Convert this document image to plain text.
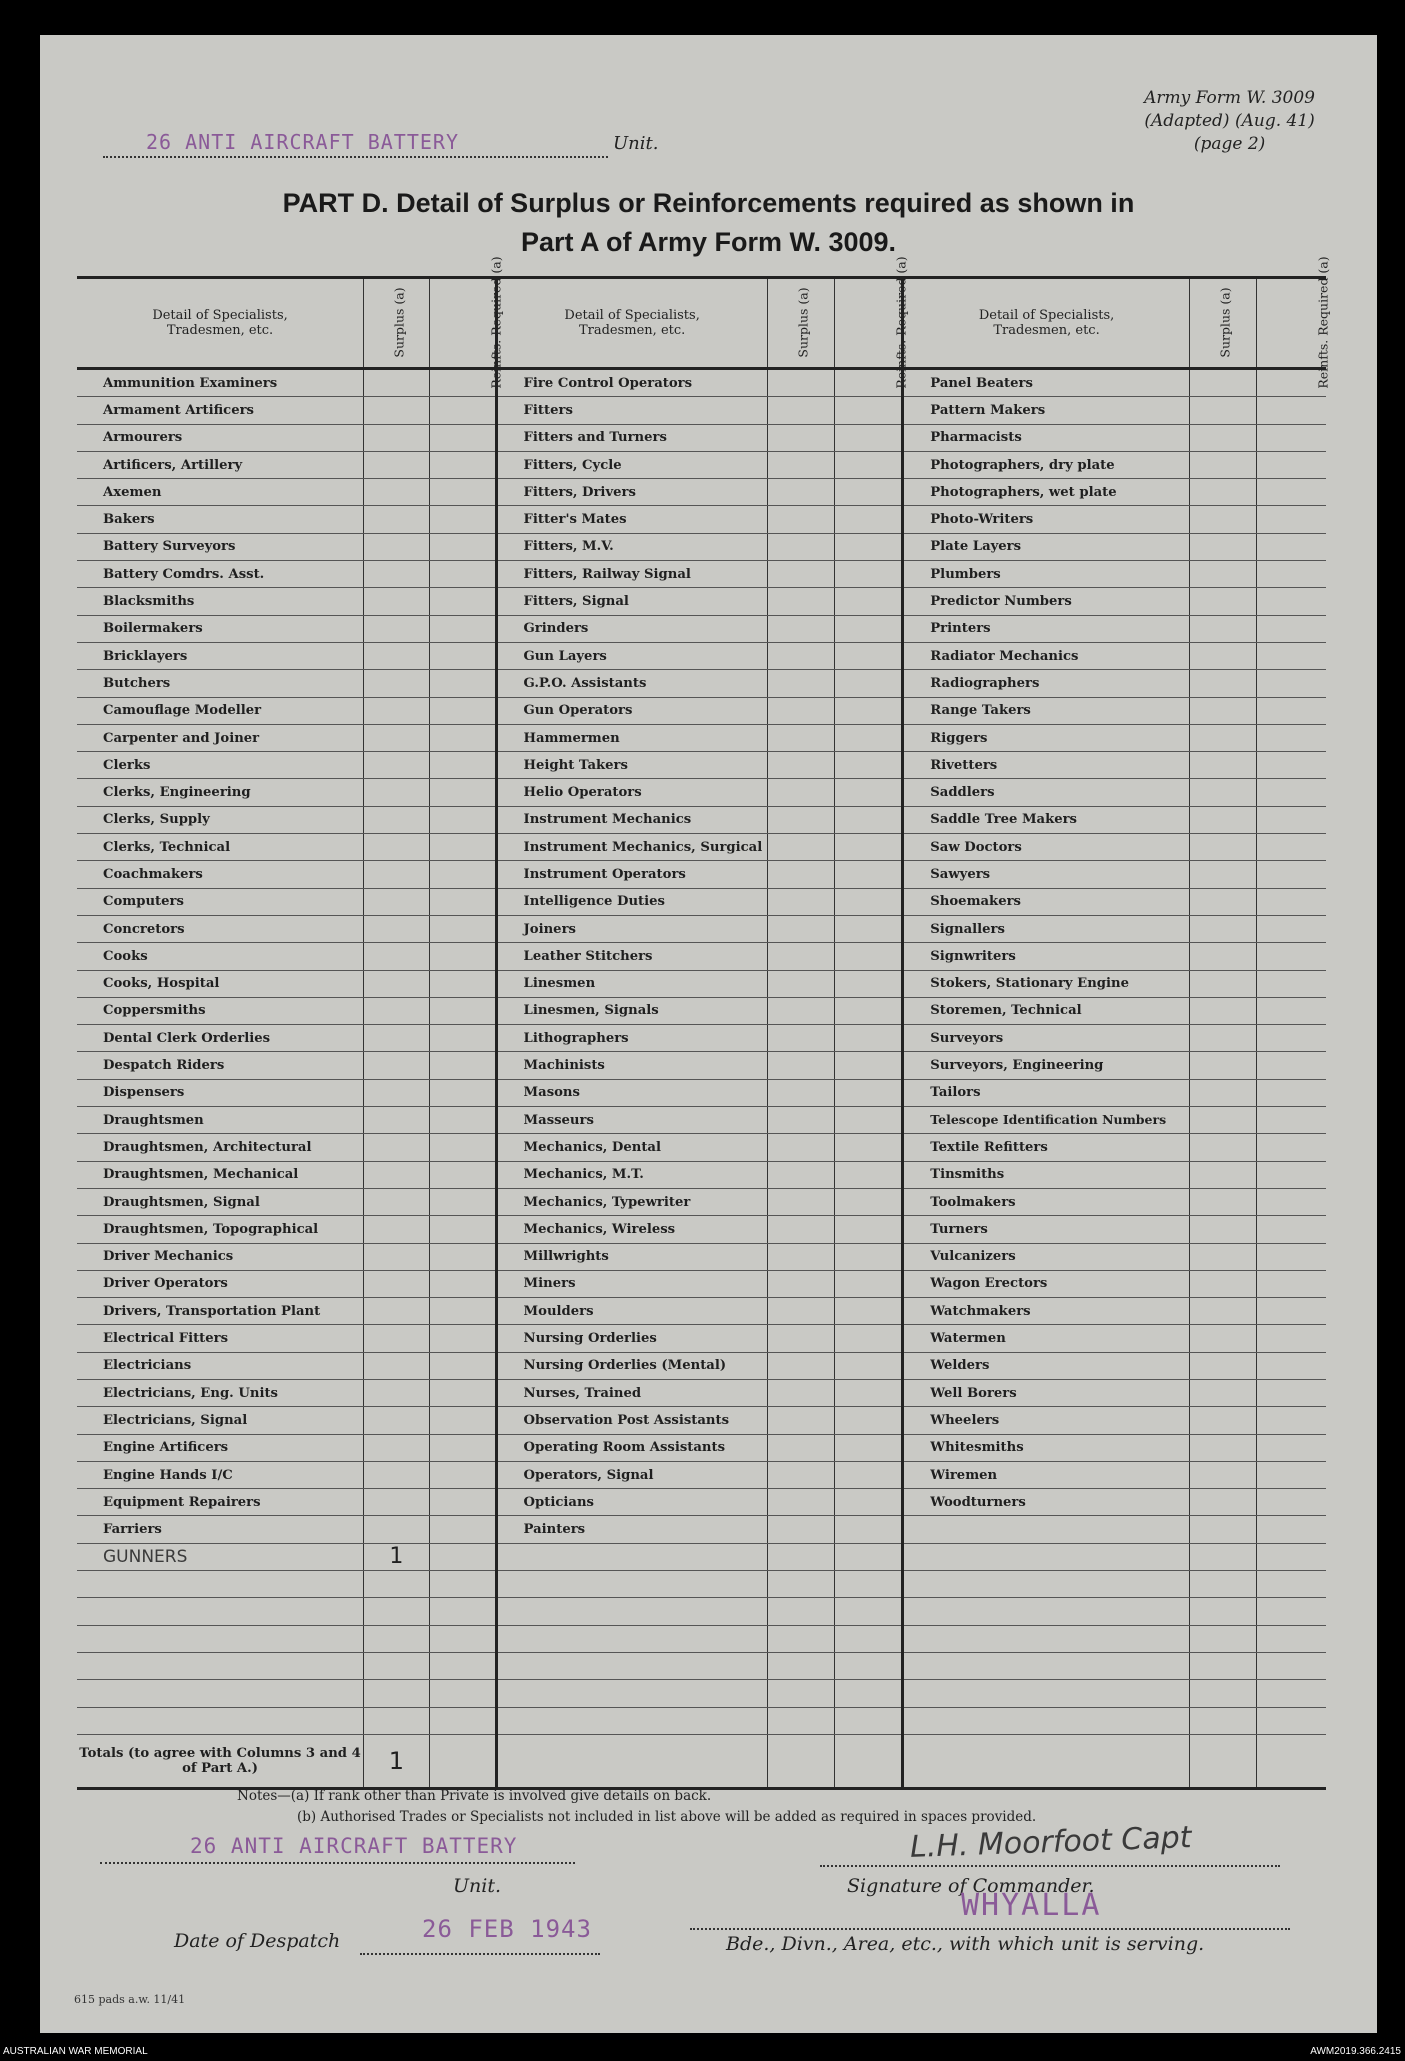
Army Form W. 3009
(Adapted) (Aug. 41)
(page 2)
26 ANTI AIRCRAFT BATTERY	Unit.
PART D. Detail of Surplus or Reinforcements required as shown in
Part A of Army Form W. 3009.
Detail of Specialists, Tradesmen, etc.	Surplus (a)	Reinfts. Required (a)	Detail of Specialists, Tradesmen, etc.	Surplus (a)	Reinfts. Required (a)	Detail of Specialists, Tradesmen, etc.	Surplus (a)	Reinfts. Required (a)
Ammunition Examiners			Fire Control Operators			Panel Beaters		
Armament Artificers			Fitters			Pattern Makers		
Armourers			Fitters and Turners			Pharmacists		
Artificers, Artillery			Fitters, Cycle			Photographers, dry plate		
Axemen			Fitters, Drivers			Photographers, wet plate		
Bakers			Fitter's Mates			Photo-Writers		
Battery Surveyors			Fitters, M.V.			Plate Layers		
Battery Comdrs. Asst.			Fitters, Railway Signal			Plumbers		
Blacksmiths			Fitters, Signal			Predictor Numbers		
Boilermakers			Grinders			Printers		
Bricklayers			Gun Layers			Radiator Mechanics		
Butchers			G.P.O. Assistants			Radiographers		
Camouflage Modeller			Gun Operators			Range Takers		
Carpenter and Joiner			Hammermen			Riggers		
Clerks			Height Takers			Rivetters		
Clerks, Engineering			Helio Operators			Saddlers		
Clerks, Supply			Instrument Mechanics			Saddle Tree Makers		
Clerks, Technical			Instrument Mechanics, Surgical			Saw Doctors		
Coachmakers			Instrument Operators			Sawyers		
Computers			Intelligence Duties			Shoemakers		
Concretors			Joiners			Signallers		
Cooks			Leather Stitchers			Signwriters		
Cooks, Hospital			Linesmen			Stokers, Stationary Engine		
Coppersmiths			Linesmen, Signals			Storemen, Technical		
Dental Clerk Orderlies			Lithographers			Surveyors		
Despatch Riders			Machinists			Surveyors, Engineering		
Dispensers			Masons			Tailors		
Draughtsmen			Masseurs			Telescope Identification Numbers		
Draughtsmen, Architectural			Mechanics, Dental			Textile Refitters		
Draughtsmen, Mechanical			Mechanics, M.T.			Tinsmiths		
Draughtsmen, Signal			Mechanics, Typewriter			Toolmakers		
Draughtsmen, Topographical			Mechanics, Wireless			Turners		
Driver Mechanics			Millwrights			Vulcanizers		
Driver Operators			Miners			Wagon Erectors		
Drivers, Transportation Plant			Moulders			Watchmakers		
Electrical Fitters			Nursing Orderlies			Watermen		
Electricians			Nursing Orderlies (Mental)			Welders		
Electricians, Eng. Units			Nurses, Trained			Well Borers		
Electricians, Signal			Observation Post Assistants			Wheelers		
Engine Artificers			Operating Room Assistants			Whitesmiths		
Engine Hands I/C			Operators, Signal			Wiremen		
Equipment Repairers			Opticians			Woodturners		
Farriers			Painters					
GUNNERS	1							

Totals (to agree with Columns 3 and 4 of Part A.)	1							
Notes—(a) If rank other than Private is involved give details on back.
(b) Authorised Trades or Specialists not included in list above will be added as required in spaces provided.
26 ANTI AIRCRAFT BATTERY
Unit.
L.H. Moorfoot Capt
Signature of Commander.
WHYALLA
Bde., Divn., Area, etc., with which unit is serving.
Date of Despatch	26 FEB 1943
615 pads a.w. 11/41
AUSTRALIAN WAR MEMORIAL	AWM2019.366.2415
